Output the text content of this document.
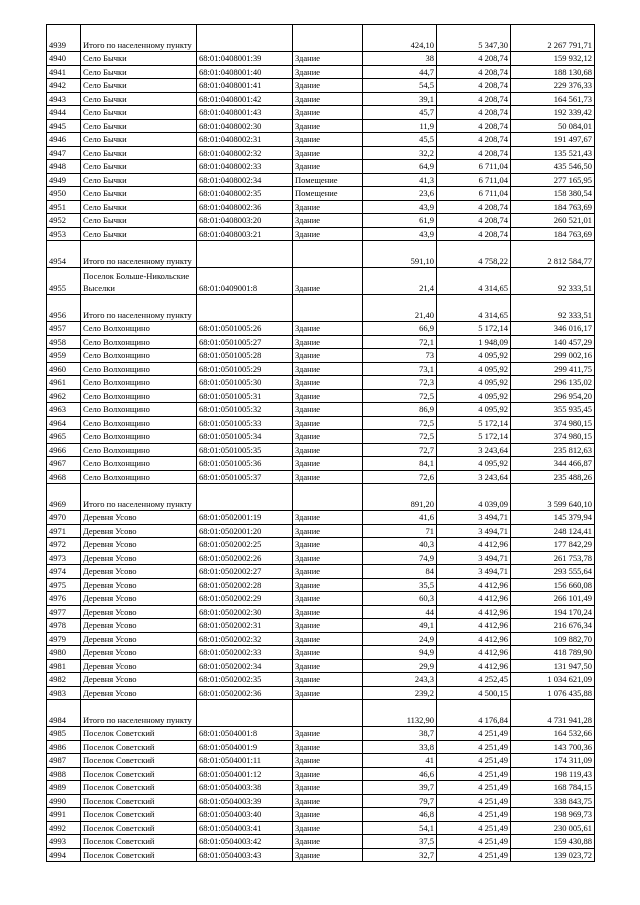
4939	Итого по населенному пункту			424,10	5 347,30	2 267 791,71
4940	Село Бычки	68:01:0408001:39	Здание	38	4 208,74	159 932,12
4941	Село Бычки	68:01:0408001:40	Здание	44,7	4 208,74	188 130,68
4942	Село Бычки	68:01:0408001:41	Здание	54,5	4 208,74	229 376,33
4943	Село Бычки	68:01:0408001:42	Здание	39,1	4 208,74	164 561,73
4944	Село Бычки	68:01:0408001:43	Здание	45,7	4 208,74	192 339,42
4945	Село Бычки	68:01:0408002:30	Здание	11,9	4 208,74	50 084,01
4946	Село Бычки	68:01:0408002:31	Здание	45,5	4 208,74	191 497,67
4947	Село Бычки	68:01:0408002:32	Здание	32,2	4 208,74	135 521,43
4948	Село Бычки	68:01:0408002:33	Здание	64,9	6 711,04	435 546,50
4949	Село Бычки	68:01:0408002:34	Помещение	41,3	6 711,04	277 165,95
4950	Село Бычки	68:01:0408002:35	Помещение	23,6	6 711,04	158 380,54
4951	Село Бычки	68:01:0408002:36	Здание	43,9	4 208,74	184 763,69
4952	Село Бычки	68:01:0408003:20	Здание	61,9	4 208,74	260 521,01
4953	Село Бычки	68:01:0408003:21	Здание	43,9	4 208,74	184 763,69
4954	Итого по населенному пункту			591,10	4 758,22	2 812 584,77
4955	Поселок Больше-Никольские Выселки	68:01:0409001:8	Здание	21,4	4 314,65	92 333,51
4956	Итого по населенному пункту			21,40	4 314,65	92 333,51
4957	Село Волхонщино	68:01:0501005:26	Здание	66,9	5 172,14	346 016,17
4958	Село Волхонщино	68:01:0501005:27	Здание	72,1	1 948,09	140 457,29
4959	Село Волхонщино	68:01:0501005:28	Здание	73	4 095,92	299 002,16
4960	Село Волхонщино	68:01:0501005:29	Здание	73,1	4 095,92	299 411,75
4961	Село Волхонщино	68:01:0501005:30	Здание	72,3	4 095,92	296 135,02
4962	Село Волхонщино	68:01:0501005:31	Здание	72,5	4 095,92	296 954,20
4963	Село Волхонщино	68:01:0501005:32	Здание	86,9	4 095,92	355 935,45
4964	Село Волхонщино	68:01:0501005:33	Здание	72,5	5 172,14	374 980,15
4965	Село Волхонщино	68:01:0501005:34	Здание	72,5	5 172,14	374 980,15
4966	Село Волхонщино	68:01:0501005:35	Здание	72,7	3 243,64	235 812,63
4967	Село Волхонщино	68:01:0501005:36	Здание	84,1	4 095,92	344 466,87
4968	Село Волхонщино	68:01:0501005:37	Здание	72,6	3 243,64	235 488,26
4969	Итого по населенному пункту			891,20	4 039,09	3 599 640,10
4970	Деревня Усово	68:01:0502001:19	Здание	41,6	3 494,71	145 379,94
4971	Деревня Усово	68:01:0502001:20	Здание	71	3 494,71	248 124,41
4972	Деревня Усово	68:01:0502002:25	Здание	40,3	4 412,96	177 842,29
4973	Деревня Усово	68:01:0502002:26	Здание	74,9	3 494,71	261 753,78
4974	Деревня Усово	68:01:0502002:27	Здание	84	3 494,71	293 555,64
4975	Деревня Усово	68:01:0502002:28	Здание	35,5	4 412,96	156 660,08
4976	Деревня Усово	68:01:0502002:29	Здание	60,3	4 412,96	266 101,49
4977	Деревня Усово	68:01:0502002:30	Здание	44	4 412,96	194 170,24
4978	Деревня Усово	68:01:0502002:31	Здание	49,1	4 412,96	216 676,34
4979	Деревня Усово	68:01:0502002:32	Здание	24,9	4 412,96	109 882,70
4980	Деревня Усово	68:01:0502002:33	Здание	94,9	4 412,96	418 789,90
4981	Деревня Усово	68:01:0502002:34	Здание	29,9	4 412,96	131 947,50
4982	Деревня Усово	68:01:0502002:35	Здание	243,3	4 252,45	1 034 621,09
4983	Деревня Усово	68:01:0502002:36	Здание	239,2	4 500,15	1 076 435,88
4984	Итого по населенному пункту			1132,90	4 176,84	4 731 941,28
4985	Поселок Советский	68:01:0504001:8	Здание	38,7	4 251,49	164 532,66
4986	Поселок Советский	68:01:0504001:9	Здание	33,8	4 251,49	143 700,36
4987	Поселок Советский	68:01:0504001:11	Здание	41	4 251,49	174 311,09
4988	Поселок Советский	68:01:0504001:12	Здание	46,6	4 251,49	198 119,43
4989	Поселок Советский	68:01:0504003:38	Здание	39,7	4 251,49	168 784,15
4990	Поселок Советский	68:01:0504003:39	Здание	79,7	4 251,49	338 843,75
4991	Поселок Советский	68:01:0504003:40	Здание	46,8	4 251,49	198 969,73
4992	Поселок Советский	68:01:0504003:41	Здание	54,1	4 251,49	230 005,61
4993	Поселок Советский	68:01:0504003:42	Здание	37,5	4 251,49	159 430,88
4994	Поселок Советский	68:01:0504003:43	Здание	32,7	4 251,49	139 023,72
